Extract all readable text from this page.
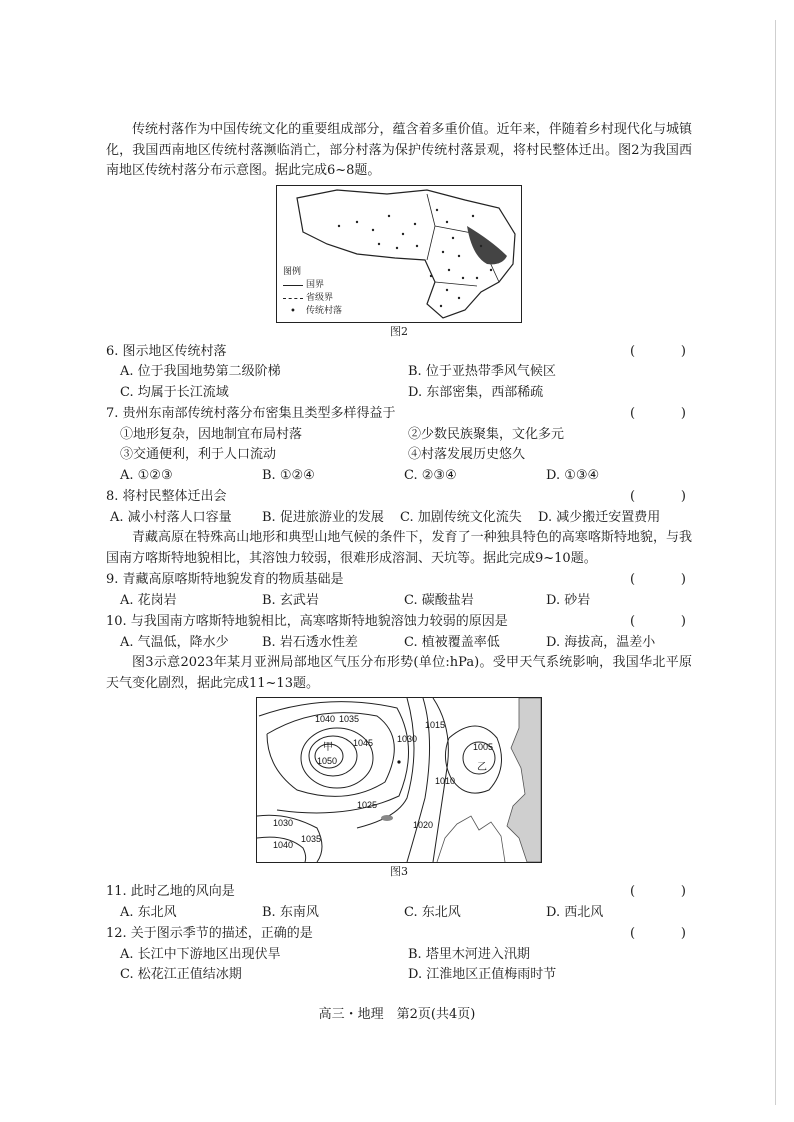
传统村落作为中国传统文化的重要组成部分，蕴含着多重价值。近年来，伴随着乡村现代化与城镇化，我国西南地区传统村落濒临消亡，部分村落为保护传统村落景观，将村民整体迁出。图2为我国西南地区传统村落分布示意图。据此完成6~8题。

图例
国界
省级界
•	传统村落
图2
6. 图示地区传统村落	(	)
A. 位于我国地势第二级阶梯	B. 位于亚热带季风气候区
C. 均属于长江流域	D. 东部密集，西部稀疏
7. 贵州东南部传统村落分布密集且类型多样得益于	(	)
①地形复杂，因地制宜布局村落	②少数民族聚集，文化多元
③交通便利，利于人口流动	④村落发展历史悠久
A. ①②③	B. ①②④	C. ②③④	D. ①③④
8. 将村民整体迁出会	(	)
A. 减小村落人口容量	B. 促进旅游业的发展	C. 加剧传统文化流失	D. 减少搬迁安置费用

青藏高原在特殊高山地形和典型山地气候的条件下，发育了一种独具特色的高寒喀斯特地貌，与我国南方喀斯特地貌相比，其溶蚀力较弱，很难形成溶洞、天坑等。据此完成9~10题。

9. 青藏高原喀斯特地貌发育的物质基础是	(	)
A. 花岗岩	B. 玄武岩	C. 碳酸盐岩	D. 砂岩
10. 与我国南方喀斯特地貌相比，高寒喀斯特地貌溶蚀力较弱的原因是	(	)
A. 气温低，降水少	B. 岩石透水性差	C. 植被覆盖率低	D. 海拔高，温差小

图3示意2023年某月亚洲局部地区气压分布形势(单位:hPa)。受甲天气系统影响，我国华北平原天气变化剧烈，据此完成11~13题。

1040 1035
1050
1045	1030
1025
1020
1015
1010
1005
1040
1035
1030
甲
乙
图3
11. 此时乙地的风向是	(	)
A. 东北风	B. 东南风	C. 东北风	D. 西北风
12. 关于图示季节的描述，正确的是	(	)
A. 长江中下游地区出现伏旱	B. 塔里木河进入汛期
C. 松花江正值结冰期	D. 江淮地区正值梅雨时节
高三・地理　第2页(共4页)
